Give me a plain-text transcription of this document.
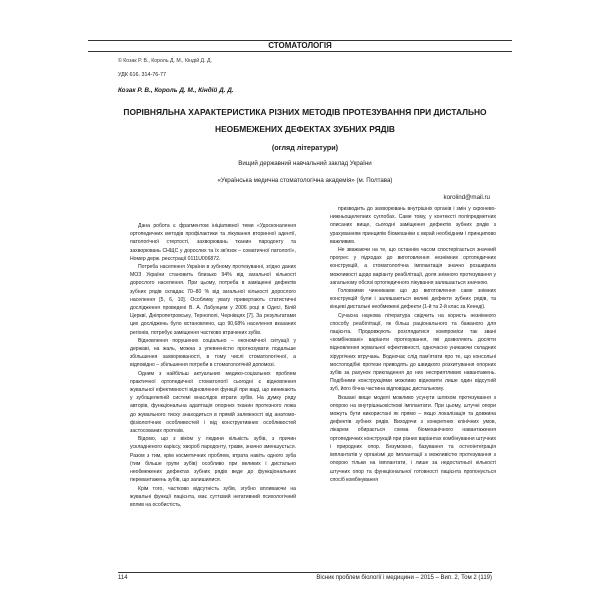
СТОМАТОЛОГІЯ
© Козак Р. В., Король Д. М., Кіндій Д. Д.
УДК 616. 314-76-77
Козак Р. В., Король Д. М., Кіндій Д. Д.
ПОРІВНЯЛЬНА ХАРАКТЕРИСТИКА РІЗНИХ МЕТОДІВ ПРОТЕЗУВАННЯ ПРИ ДИСТАЛЬНО НЕОБМЕЖЕНИХ ДЕФЕКТАХ ЗУБНИХ РЯДІВ
(огляд літератури)
Вищий державний навчальний заклад України
«Українська медична стоматологічна академія» (м. Полтава)
korolind@mail.ru

Дана робота є фрагментом ініціативної теми «Удосконалення ортопедичних методів профілактики та лікування вторинної адентії, патологічної стертості, захворювань тканин пародонту та захворювань СНЩС у дорослих та їх зв'язок – соматичної патології», Номер держ. реєстрації 0111U006872.

Потреба населення України в зубному протезуванні, згідно даних МОЗ України становить близько 94% від загальної кількості дорослого населення. При цьому, потреба в заміщенні дефектів зубних рядів складає 70–80 % від загальної кількості дорослого населення [5, 6, 10]. Особливу увагу привертають статистичні дослідження проведені В. А. Лабунцем у 2006 році в Одесі, Білій Церкві, Дніпропетровську, Тернополі, Чернівцях [7]. За результатами цих досліджень було встановлено, що 90,68% населення вказаних регіонів, потребує заміщення частково втрачених зубів.

Відновлення порушених соціально – економічної ситуації у державі, на жаль, можна з упевненістю прогнозувати подальше збільшення захворюваності, в тому числі стоматологічної, а відповідно – збільшення потреби в стоматологічній допомозі.

Одним з найбільш актуальних медико-соціальних проблем практичної ортопедичної стоматології сьогодні є відновлення жувальної ефективності відновлення функції при ваді, що виникають у зубощелепній системі внаслідок втрати зубів. На думку ряду авторів, функціональна адаптація опорних тканин протезного ложа до жувального тиску знаходиться в прямій залежності від анатомо-фізіологічних особливостей і від конструктивних особливостей застосованих протезів.

Відомо, що з віком у людини кількість зубів, з причин ускладненого карієсу, хвороб пародонту, травм, значно зменшується. Разом з тим, крім косметичних проблем, втрата навіть одного зуба (тим більше групи зубів) особливо при великих і дистально необмежених дефектах зубних рядів веде до функціональних перевантажень зубів, що залишилися.

Крім того, частково відсутність зубів, згубно впливаючи на жувальні функції пацієнта, має суттєвий негативний психологічний вплив на особистість,

призводить до захворювань внутрішніх органів і змін у скронево-нижньощелепних суглобах. Саме тому, у контексті поліпредметних описаних вище, сьогодні заміщення дефектів зубних рядів з урахуванням принципів біомеханіки є вкрай необхідним і принципово важливим.

Не зважаючи на те, що останнім часом спостерігається значний прогрес у підходах до виготовлення незнімних ортопедичних конструкцій, а стоматологічна імплантація значно розширила можливості щодо варіанту реабілітації, доля знімного протезування у загальному обсязі ортопедичного лікування залишається значною.

Головними чинниками що до виготовлення саме знімних конструкцій були і залишаються великі дефекти зубних рядів, та кінцеві дистальні необмежені дефекти (1-й та 2-й клас за Кенеді).

Сучасна наукова література свідчить на користь незнімного способу реабілітації, як більш раціонального та бажаного для пацієнта. Продовжують розглядатися компроміси так звані «комбіновані» варіанти протезування, які дозволяють досягти відновлення жувальної ефективності, одночасно уникаючи складних хірургічних втручань. Водночас слід пам'ятати про те, що консольні мостоподібні протези приводять до швидкого розхитування опорних зубів за рахунок прикладення до них несприятливих навантажень. Подібними конструкціями можливо відновити лише один відсутній зуб, його бічна частина відповідає дистальному.

Вказані вище моделі можливо усунути шляхом протезування з опорою на внутрішньокісткові імплантати. При цьому, штучні опори можуть бути використані як прямо – якщо локалізація та довжина дефектів зубних рядів. Виходячи з конкретних клінічних умов, лікарем обирається схема біомеханічного навантаження ортопедичних конструкцій при різних варіантах комбінування штучних і природних опор. Безумовно, базування та остеоінтеграція імплантатів у організмі до імплантації з можливістю протезування з опорою тільки на імплантати, і лише за недостатньої кількості штучних опор та функціональної готовності пацієнта пропонується спосіб комбінування

114	Вісник проблем біології і медицини – 2015 – Вип. 2, Том 2 (119)
